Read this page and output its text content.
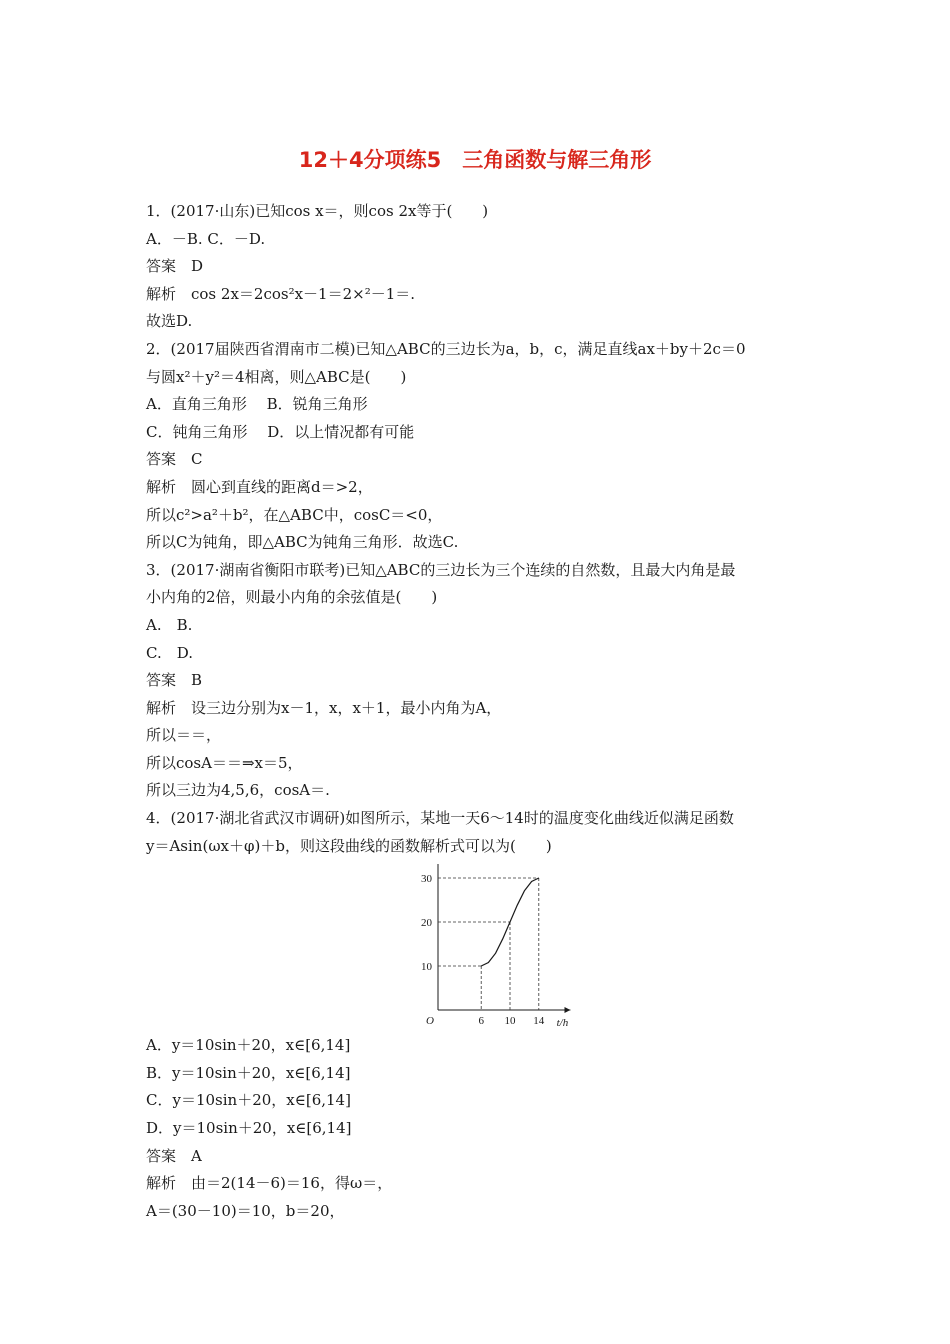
12＋4分项练5　三角函数与解三角形
1．(2017·山东)已知cos x＝，则cos 2x等于(　　)
A．－B. C．－D.
答案　D
解析　cos 2x＝2cos²x－1＝2×²－1＝.
故选D.
2．(2017届陕西省渭南市二模)已知△ABC的三边长为a，b，c，满足直线ax＋by＋2c＝0
与圆x²＋y²＝4相离，则△ABC是(　　)
A．直角三角形　 B．锐角三角形
C．钝角三角形　 D．以上情况都有可能
答案　C
解析　圆心到直线的距离d＝>2，
所以c²>a²＋b²，在△ABC中，cosC＝<0，
所以C为钝角，即△ABC为钝角三角形．故选C.
3．(2017·湖南省衡阳市联考)已知△ABC的三边长为三个连续的自然数，且最大内角是最
小内角的2倍，则最小内角的余弦值是(　　)
A.　B.
C.　D.
答案　B
解析　设三边分别为x－1，x，x＋1，最小内角为A，
所以＝＝，
所以cosA＝＝⇒x＝5，
所以三边为4,5,6，cosA＝.
4．(2017·湖北省武汉市调研)如图所示，某地一天6～14时的温度变化曲线近似满足函数
y＝Asin(ωx＋φ)＋b，则这段曲线的函数解析式可以为(　　)
t/h
O	6
10
10
20
14
30
A．y＝10sin＋20，x∈[6,14]
B．y＝10sin＋20，x∈[6,14]
C．y＝10sin＋20，x∈[6,14]
D．y＝10sin＋20，x∈[6,14]
答案　A
解析　由＝2(14－6)＝16，得ω＝，
A＝(30－10)＝10，b＝20，
